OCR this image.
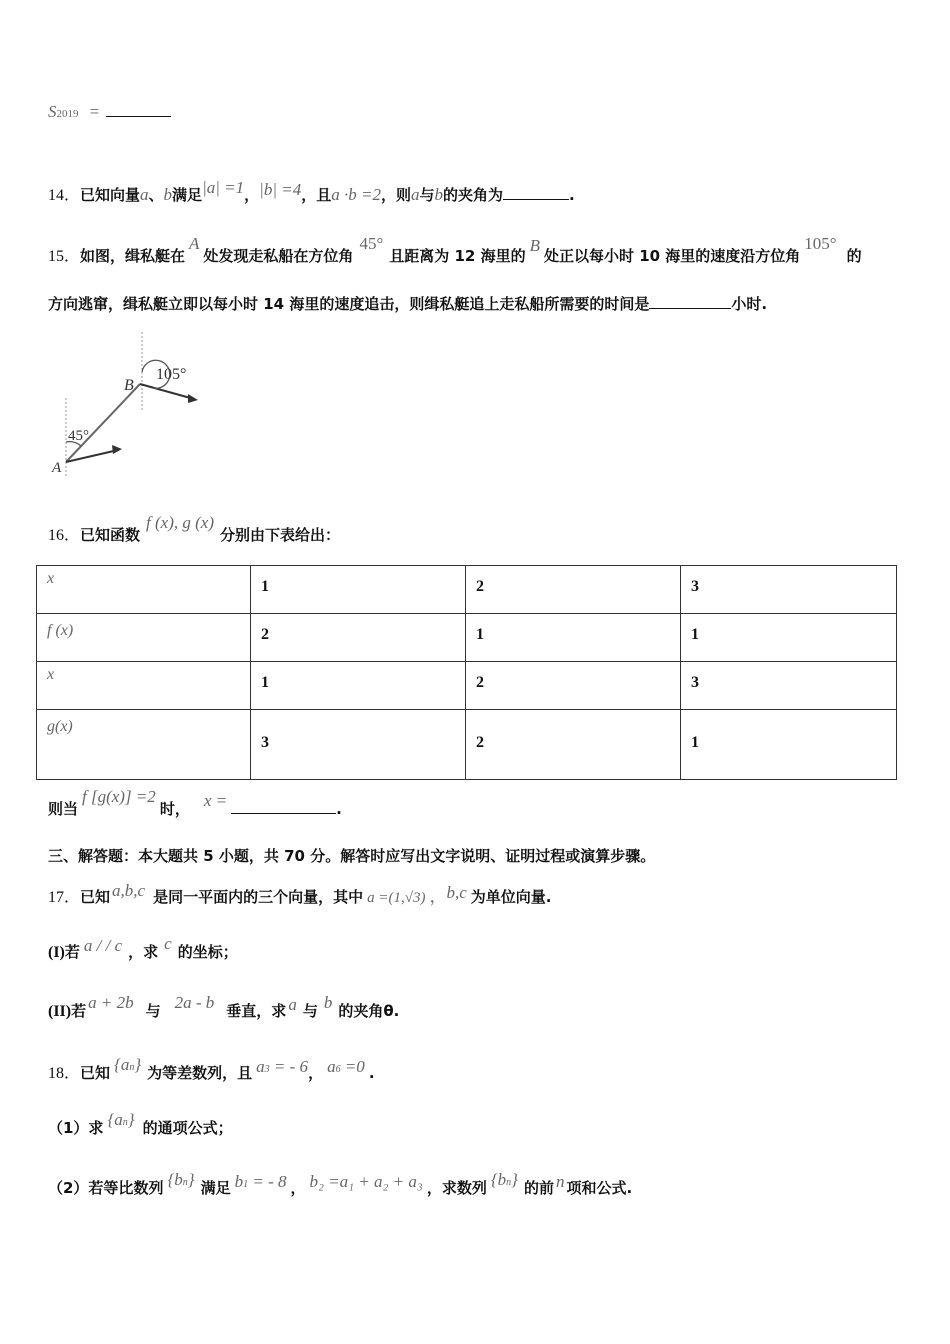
S2019 =
14．已知向量a、b满足|a| =1，|b| =4，且a ·b =2，则a与b的夹角为	.
15．如图，缉私艇在A处发现走私船在方位角45°且距离为 12 海里的B处正以每小时 10 海里的速度沿方位角105°的
方向逃窜，缉私艇立即以每小时 14 海里的速度追击，则缉私艇追上走私船所需要的时间是	小时.
105°
45°
B
A
16．已知函数f (x), g (x)分别由下表给出：
x	1	2	3
f (x)	2	1	1
x	1	2	3
g(x)	3	2	1
则当f [g(x)] =2时， x =	.
三、解答题：本大题共 5 小题，共 70 分。解答时应写出文字说明、证明过程或演算步骤。
17．已知 a,b,c 是同一平面内的三个向量，其中 a =(1,√3) ，b,c 为单位向量.
(I)若 a / / c ，求 c 的坐标；
(II)若 a + 2b 与 2a - b 垂直，求 a 与 b 的夹角θ.
18．已知 {an} 为等差数列，且 a3 = - 6， a6 =0 .
（1）求 {an} 的通项公式；
（2）若等比数列 {bn} 满足 b1 = - 8 ， b₂ =a₁ + a₂ + a₃ ，求数列 {bn} 的前 n 项和公式.
